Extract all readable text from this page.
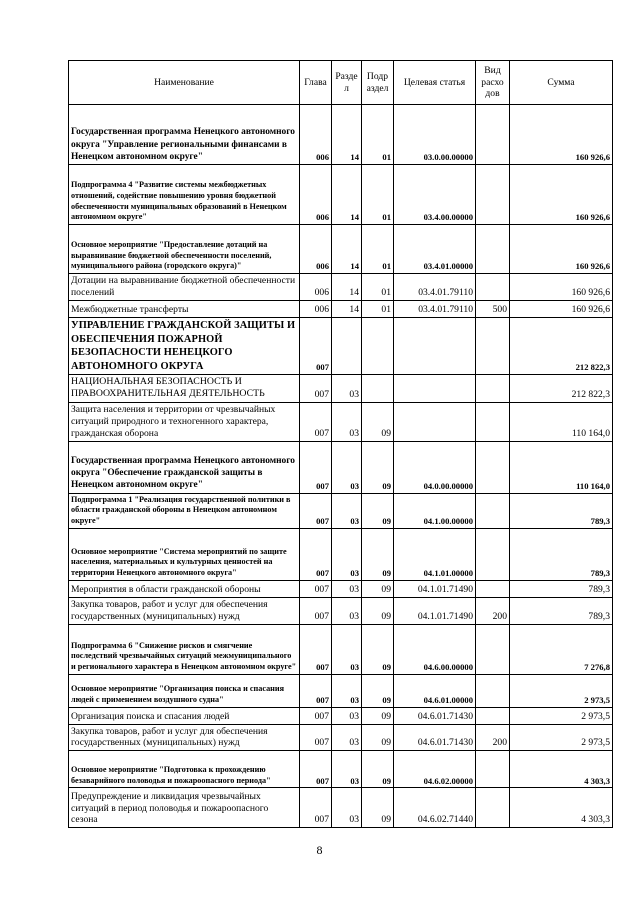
Наименование	Глава	Разде л	Подр аздел	Целевая статья	Вид расхо дов	Сумма
Государственная программа Ненецкого автономного округа "Управление региональными финансами в Ненецком автономном округе"	006	14	01	03.0.00.00000		160 926,6
Подпрограмма 4 "Развитие системы межбюджетных отношений, содействие повышению уровня бюджетной обеспеченности муниципальных образований в Ненецком автономном округе"	006	14	01	03.4.00.00000		160 926,6
Основное мероприятие "Предоставление дотаций на выравнивание бюджетной обеспеченности поселений, муниципального района (городского округа)"	006	14	01	03.4.01.00000		160 926,6
Дотации на выравнивание бюджетной обеспеченности поселений	006	14	01	03.4.01.79110		160 926,6
Межбюджетные трансферты	006	14	01	03.4.01.79110	500	160 926,6
УПРАВЛЕНИЕ ГРАЖДАНСКОЙ ЗАЩИТЫ И ОБЕСПЕЧЕНИЯ ПОЖАРНОЙ БЕЗОПАСНОСТИ НЕНЕЦКОГО АВТОНОМНОГО ОКРУГА	007					212 822,3
НАЦИОНАЛЬНАЯ БЕЗОПАСНОСТЬ И ПРАВООХРАНИТЕЛЬНАЯ ДЕЯТЕЛЬНОСТЬ	007	03				212 822,3
Защита населения и территории от чрезвычайных ситуаций природного и техногенного характера, гражданская оборона	007	03	09			110 164,0
Государственная программа Ненецкого автономного округа "Обеспечение гражданской защиты в Ненецком автономном округе"	007	03	09	04.0.00.00000		110 164,0
Подпрограмма 1 "Реализация государственной политики в области гражданской обороны в Ненецком автономном округе"	007	03	09	04.1.00.00000		789,3
Основное мероприятие "Система мероприятий по защите населения, материальных и культурных ценностей на территории Ненецкого автономного округа"	007	03	09	04.1.01.00000		789,3
Мероприятия в области гражданской обороны	007	03	09	04.1.01.71490		789,3
Закупка товаров, работ и услуг для обеспечения государственных (муниципальных) нужд	007	03	09	04.1.01.71490	200	789,3
Подпрограмма 6 "Снижение рисков и смягчение последствий чрезвычайных ситуаций межмуниципального и регионального характера в Ненецком автономном округе"	007	03	09	04.6.00.00000		7 276,8
Основное мероприятие "Организация поиска и спасания людей с применением воздушного судна"	007	03	09	04.6.01.00000		2 973,5
Организация поиска и спасания людей	007	03	09	04.6.01.71430		2 973,5
Закупка товаров, работ и услуг для обеспечения государственных (муниципальных) нужд	007	03	09	04.6.01.71430	200	2 973,5
Основное мероприятие "Подготовка к прохождению безаварийного половодья и пожароопасного периода"	007	03	09	04.6.02.00000		4 303,3
Предупреждение и ликвидация чрезвычайных ситуаций в период половодья и пожароопасного сезона	007	03	09	04.6.02.71440		4 303,3
8
